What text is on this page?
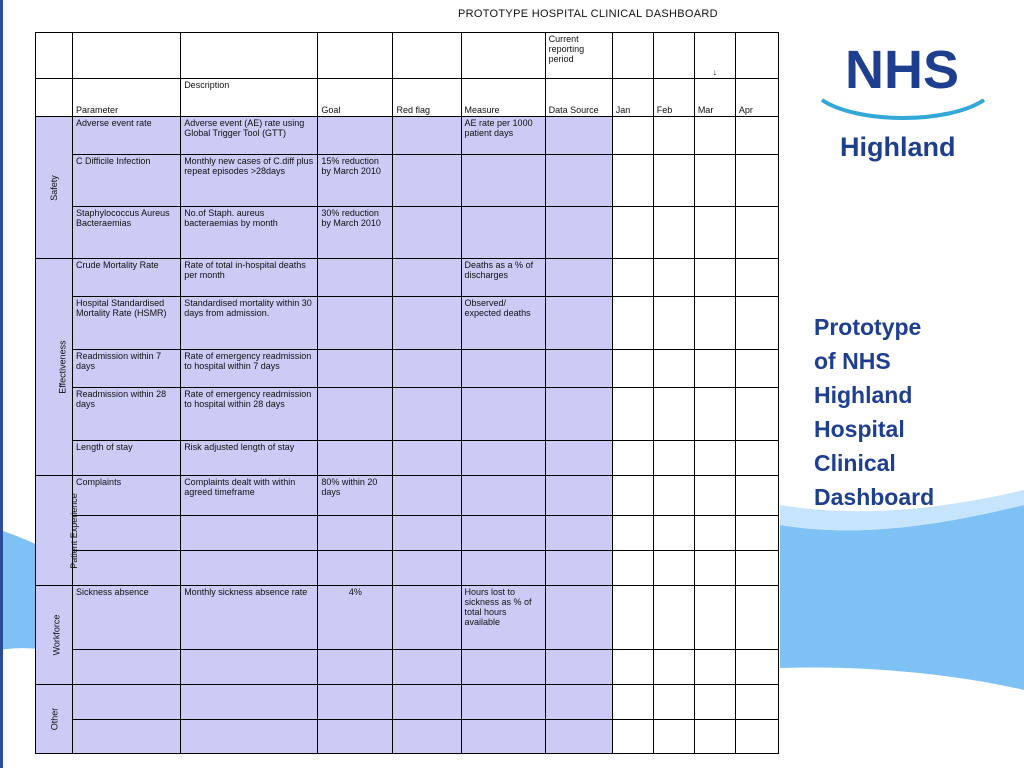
PROTOTYPE HOSPITAL CLINICAL DASHBOARD
						Current reporting period			↓	
	Parameter	Description	Goal	Red flag	Measure	Data Source	Jan	Feb	Mar	Apr
Safety	Adverse event rate	Adverse event (AE) rate using Global Trigger Tool (GTT)			AE rate per 1000 patient days					
	C Difficile Infection	Monthly new cases of C.diff plus repeat episodes >28days	15% reduction by March 2010							
	Staphylococcus Aureus Bacteraemias	No.of Staph. aureus bacteraemias by month	30% reduction by March 2010							
Effectiveness	Crude Mortality Rate	Rate of total in-hospital deaths per month			Deaths as a % of discharges					
	Hospital Standardised Mortality Rate (HSMR)	Standardised mortality within 30 days from admission.			Observed/ expected deaths					
	Readmission within 7 days	Rate of emergency readmission to hospital within 7 days								
	Readmission within 28 days	Rate of emergency readmission to hospital within 28 days								
	Length of stay	Risk adjusted length of stay								
Patient Experience	Complaints	Complaints dealt with within agreed timeframe	80% within 20 days							

Workforce	Sickness absence	Monthly sickness absence rate	4%		Hours lost to sickness as % of total hours available					

Other										

NHS
Highland
Prototype
of NHS
Highland
Hospital
Clinical
Dashboard
